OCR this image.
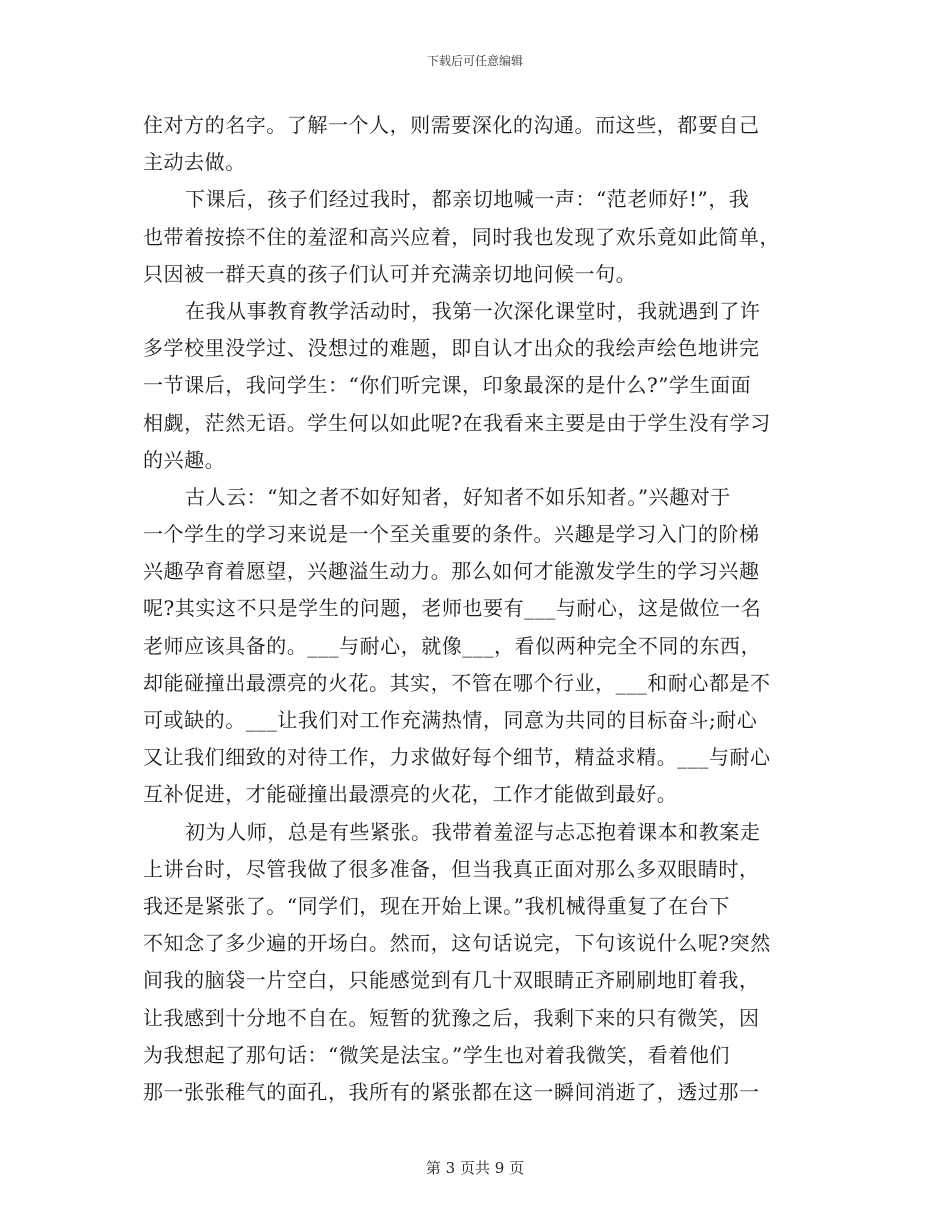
下载后可任意编辑
住对方的名字。了解一个人，则需要深化的沟通。而这些，都要自己
主动去做。
下课后，孩子们经过我时，都亲切地喊一声：“范老师好!”，我
也带着按捺不住的羞涩和高兴应着，同时我也发现了欢乐竟如此简单，
只因被一群天真的孩子们认可并充满亲切地问候一句。
在我从事教育教学活动时，我第一次深化课堂时，我就遇到了许
多学校里没学过、没想过的难题，即自认才出众的我绘声绘色地讲完
一节课后，我问学生：“你们听完课，印象最深的是什么?”学生面面
相觑，茫然无语。学生何以如此呢?在我看来主要是由于学生没有学习
的兴趣。
古人云：“知之者不如好知者，好知者不如乐知者。”兴趣对于
一个学生的学习来说是一个至关重要的条件。兴趣是学习入门的阶梯
兴趣孕育着愿望，兴趣溢生动力。那么如何才能激发学生的学习兴趣
呢?其实这不只是学生的问题，老师也要有___与耐心，这是做位一名
老师应该具备的。___与耐心，就像___，看似两种完全不同的东西，
却能碰撞出最漂亮的火花。其实，不管在哪个行业，___和耐心都是不
可或缺的。___让我们对工作充满热情，同意为共同的目标奋斗;耐心
又让我们细致的对待工作，力求做好每个细节，精益求精。___与耐心
互补促进，才能碰撞出最漂亮的火花，工作才能做到最好。
初为人师，总是有些紧张。我带着羞涩与忐忑抱着课本和教案走
上讲台时，尽管我做了很多准备，但当我真正面对那么多双眼睛时，
我还是紧张了。“同学们，现在开始上课。”我机械得重复了在台下
不知念了多少遍的开场白。然而，这句话说完，下句该说什么呢?突然
间我的脑袋一片空白，只能感觉到有几十双眼睛正齐刷刷地盯着我，
让我感到十分地不自在。短暂的犹豫之后，我剩下来的只有微笑，因
为我想起了那句话：“微笑是法宝。”学生也对着我微笑，看着他们
那一张张稚气的面孔，我所有的紧张都在这一瞬间消逝了，透过那一
第 3 页共 9 页
